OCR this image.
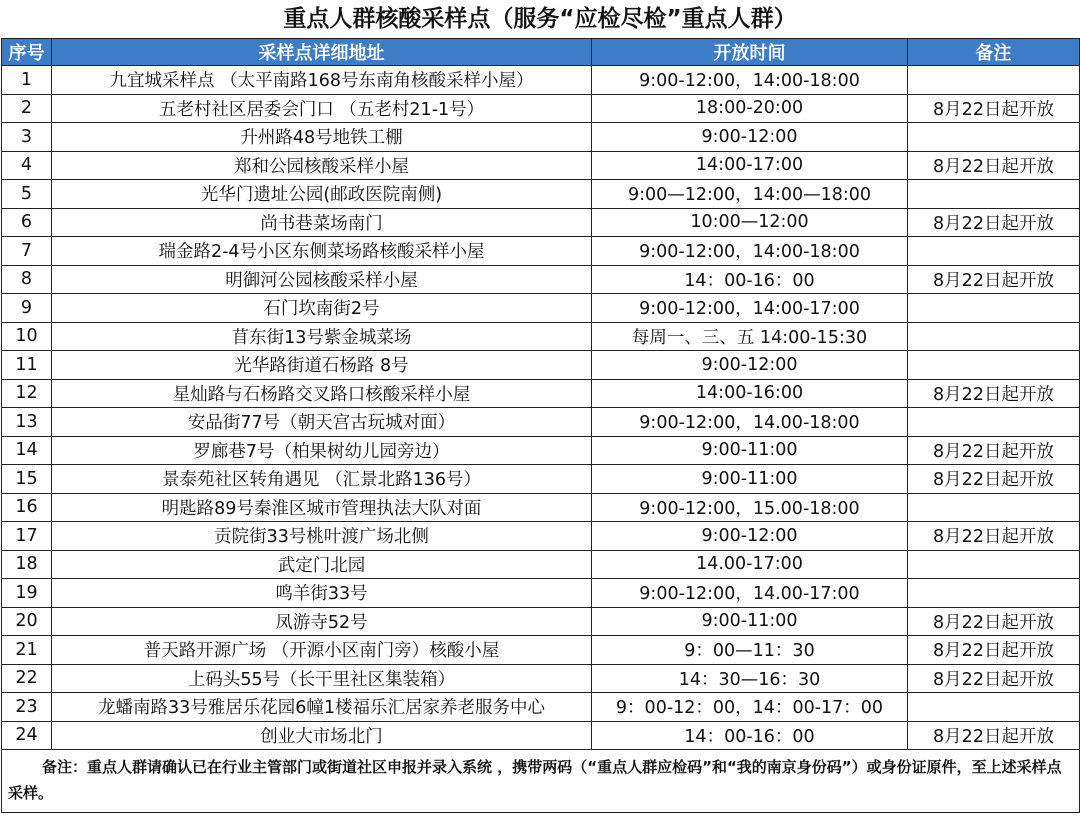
重点人群核酸采样点（服务“应检尽检”重点人群）
序号	采样点详细地址	开放时间	备注
1	九宜城采样点 （太平南路168号东南角核酸采样小屋）	9:00-12:00，14:00-18:00	
2	五老村社区居委会门口 （五老村21-1号）	18:00-20:00	8月22日起开放
3	升州路48号地铁工棚	9:00-12:00	
4	郑和公园核酸采样小屋	14:00-17:00	8月22日起开放
5	光华门遗址公园(邮政医院南侧)	9:00—12:00，14:00—18:00	
6	尚书巷菜场南门	10:00—12:00	8月22日起开放
7	瑞金路2-4号小区东侧菜场路核酸采样小屋	9:00-12:00，14:00-18:00	
8	明御河公园核酸采样小屋	14：00-16：00	8月22日起开放
9	石门坎南街2号	9:00-12:00，14:00-17:00	
10	苜东街13号紫金城菜场	每周一、三、五 14:00-15:30	
11	光华路街道石杨路 8号	9:00-12:00	
12	星灿路与石杨路交叉路口核酸采样小屋	14:00-16:00	8月22日起开放
13	安品街77号（朝天宫古玩城对面）	9:00-12:00，14.00-18:00	
14	罗廊巷7号（柏果树幼儿园旁边）	9:00-11:00	8月22日起开放
15	景泰苑社区转角遇见 （汇景北路136号）	9:00-11:00	8月22日起开放
16	明匙路89号秦淮区城市管理执法大队对面	9:00-12:00，15.00-18:00	
17	贡院街33号桃叶渡广场北侧	9:00-12:00	8月22日起开放
18	武定门北园	14.00-17:00	
19	鸣羊街33号	9:00-12:00，14.00-17:00	
20	凤游寺52号	9:00-11:00	8月22日起开放
21	普天路开源广场 （开源小区南门旁）核酸小屋	9：00—11：30	8月22日起开放
22	上码头55号（长干里社区集装箱）	14：30—16：30	8月22日起开放
23	龙蟠南路33号雅居乐花园6幢1楼福乐汇居家养老服务中心	9：00-12：00，14：00-17：00	
24	创业大市场北门	14：00-16：00	8月22日起开放
备注：重点人群请确认已在行业主管部门或街道社区申报并录入系统 ，携带两码（“重点人群应检码”和“我的南京身份码”）或身份证原件，至上述采样点采样。			
